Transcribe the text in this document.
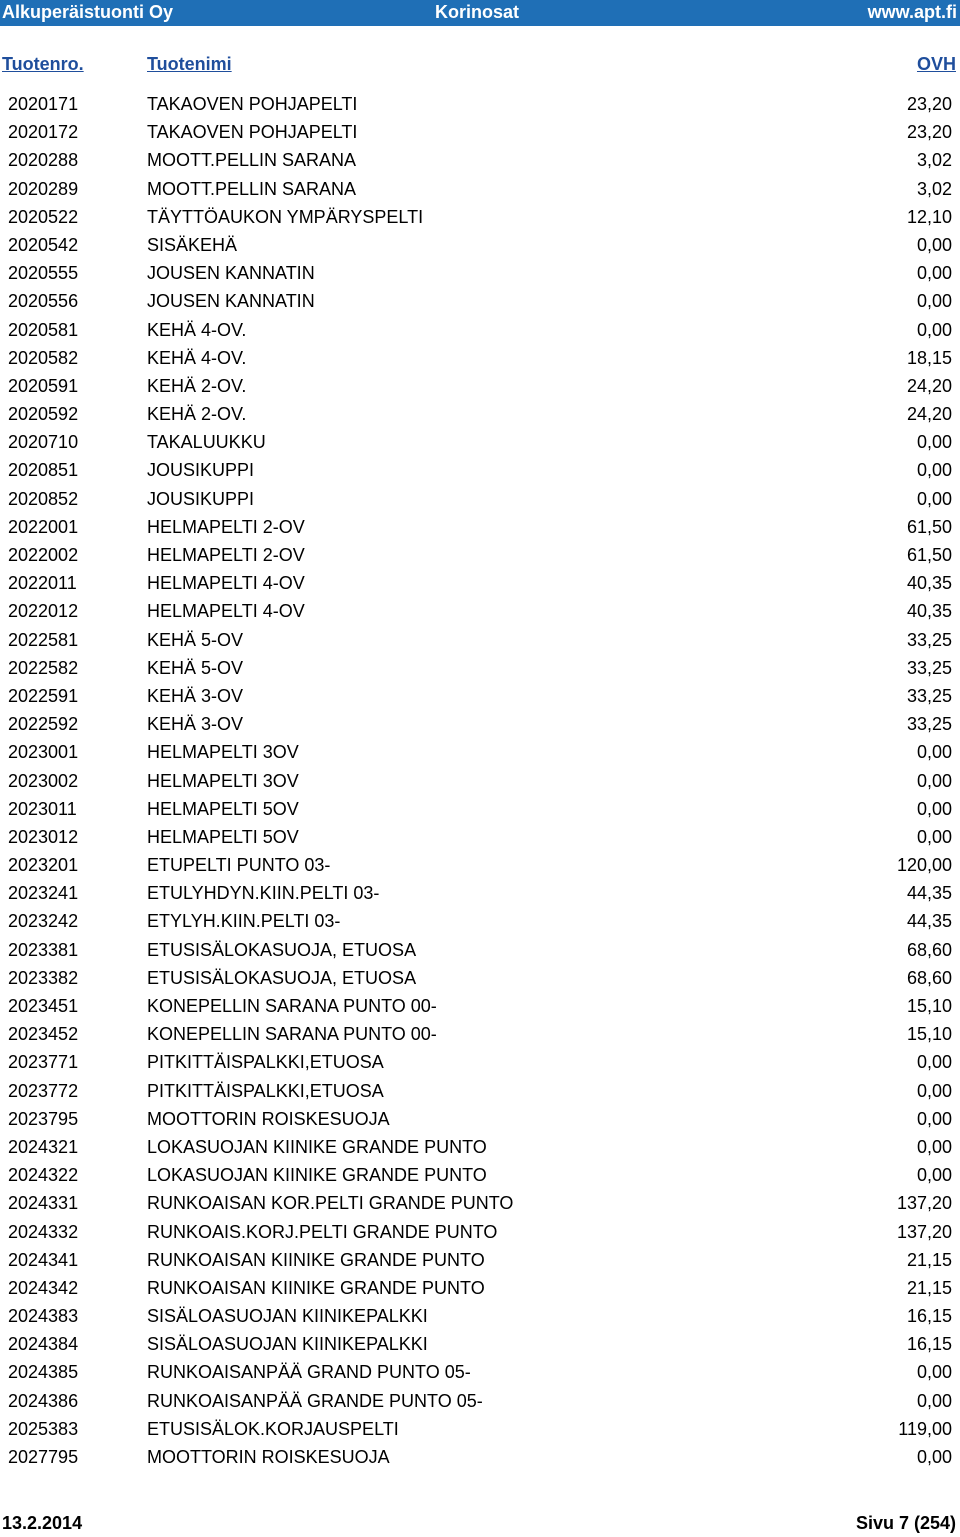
Alkuperäistuonti Oy	Korinosat	www.apt.fi
Tuotenro.	Tuotenimi	OVH
2020171	TAKAOVEN POHJAPELTI	23,20
2020172	TAKAOVEN POHJAPELTI	23,20
2020288	MOOTT.PELLIN SARANA	3,02
2020289	MOOTT.PELLIN SARANA	3,02
2020522	TÄYTTÖAUKON YMPÄRYSPELTI	12,10
2020542	SISÄKEHÄ	0,00
2020555	JOUSEN KANNATIN	0,00
2020556	JOUSEN KANNATIN	0,00
2020581	KEHÄ 4-OV.	0,00
2020582	KEHÄ 4-OV.	18,15
2020591	KEHÄ 2-OV.	24,20
2020592	KEHÄ 2-OV.	24,20
2020710	TAKALUUKKU	0,00
2020851	JOUSIKUPPI	0,00
2020852	JOUSIKUPPI	0,00
2022001	HELMAPELTI 2-OV	61,50
2022002	HELMAPELTI 2-OV	61,50
2022011	HELMAPELTI 4-OV	40,35
2022012	HELMAPELTI 4-OV	40,35
2022581	KEHÄ 5-OV	33,25
2022582	KEHÄ 5-OV	33,25
2022591	KEHÄ 3-OV	33,25
2022592	KEHÄ 3-OV	33,25
2023001	HELMAPELTI 3OV	0,00
2023002	HELMAPELTI 3OV	0,00
2023011	HELMAPELTI 5OV	0,00
2023012	HELMAPELTI 5OV	0,00
2023201	ETUPELTI PUNTO 03-	120,00
2023241	ETULYHDYN.KIIN.PELTI 03-	44,35
2023242	ETYLYH.KIIN.PELTI 03-	44,35
2023381	ETUSISÄLOKASUOJA, ETUOSA	68,60
2023382	ETUSISÄLOKASUOJA, ETUOSA	68,60
2023451	KONEPELLIN SARANA PUNTO 00-	15,10
2023452	KONEPELLIN SARANA PUNTO 00-	15,10
2023771	PITKITTÄISPALKKI,ETUOSA	0,00
2023772	PITKITTÄISPALKKI,ETUOSA	0,00
2023795	MOOTTORIN ROISKESUOJA	0,00
2024321	LOKASUOJAN KIINIKE GRANDE PUNTO	0,00
2024322	LOKASUOJAN KIINIKE GRANDE PUNTO	0,00
2024331	RUNKOAISAN KOR.PELTI GRANDE PUNTO	137,20
2024332	RUNKOAIS.KORJ.PELTI GRANDE PUNTO	137,20
2024341	RUNKOAISAN KIINIKE GRANDE PUNTO	21,15
2024342	RUNKOAISAN KIINIKE GRANDE PUNTO	21,15
2024383	SISÄLOASUOJAN KIINIKEPALKKI	16,15
2024384	SISÄLOASUOJAN KIINIKEPALKKI	16,15
2024385	RUNKOAISANPÄÄ GRAND PUNTO 05-	0,00
2024386	RUNKOAISANPÄÄ GRANDE PUNTO 05-	0,00
2025383	ETUSISÄLOK.KORJAUSPELTI	119,00
2027795	MOOTTORIN ROISKESUOJA	0,00
13.2.2014	Sivu 7 (254)
